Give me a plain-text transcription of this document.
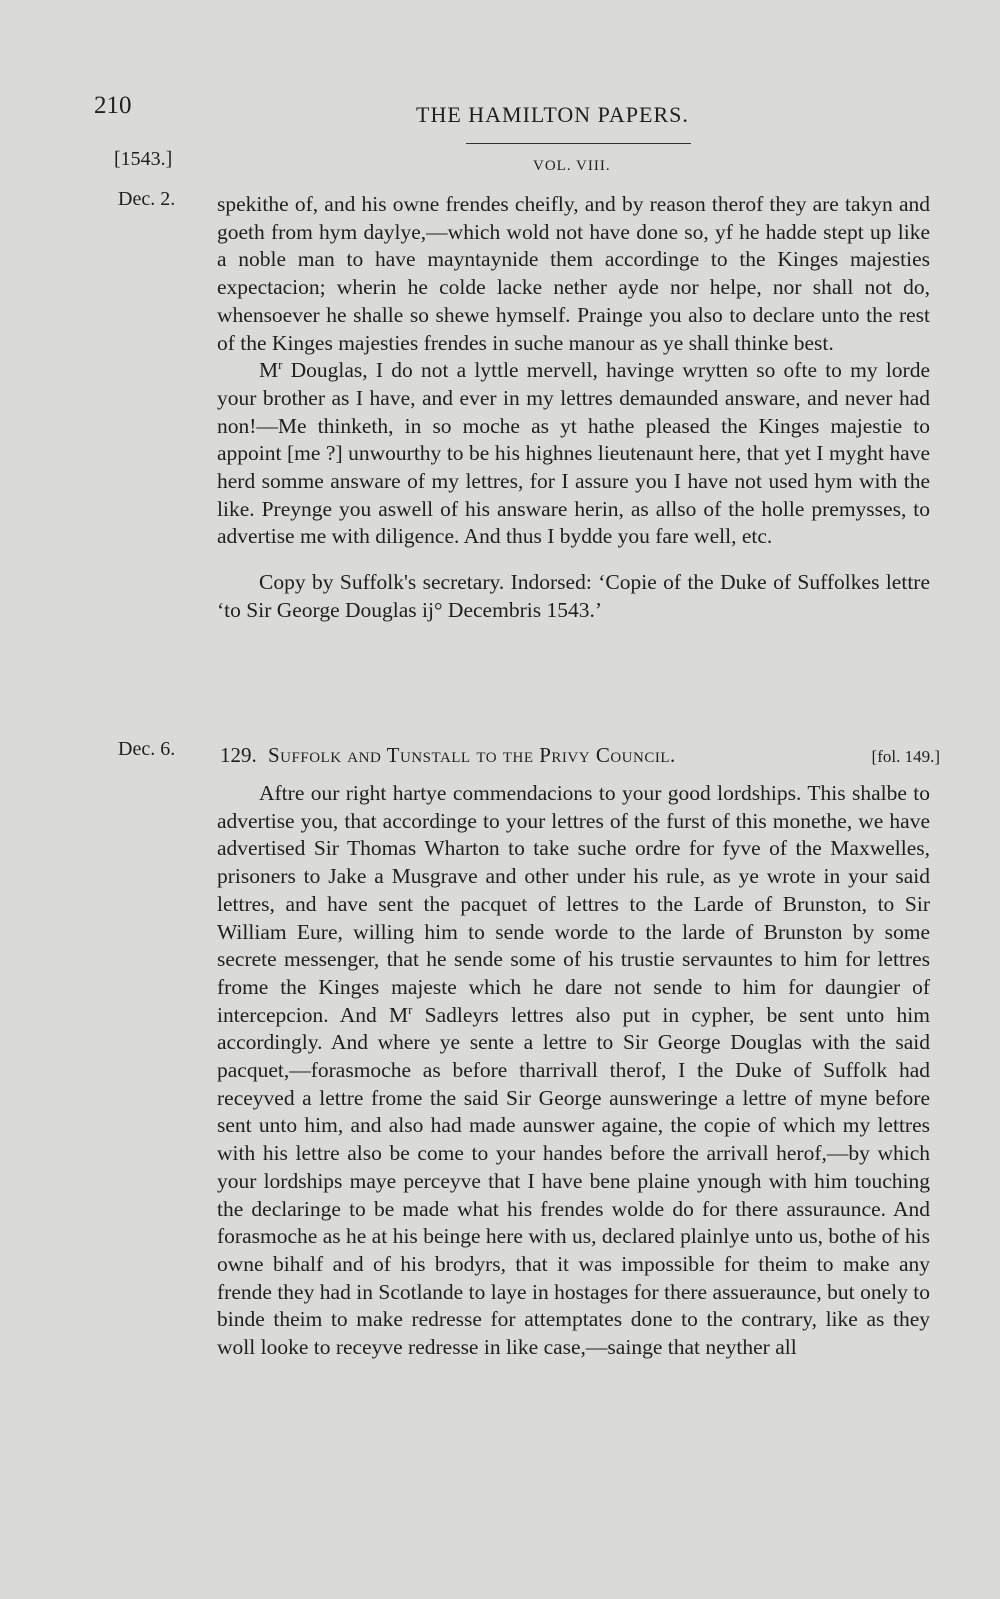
210	THE HAMILTON PAPERS.
[1543.]	VOL. VIII.
Dec. 2. spekithe of, and his owne frendes cheifly, and by reason therof they are takyn and goeth from hym daylye,—which wold not have done so, yf he hadde stept up like a noble man to have mayntaynide them accordinge to the Kinges majesties expectacion; wherin he colde lacke nether ayde nor helpe, nor shall not do, whensoever he shalle so shewe hymself. Prainge you also to declare unto the rest of the Kinges majesties frendes in suche manour as ye shall thinke best.

$M^r$ Douglas, I do not a lyttle mervell, havinge wrytten so ofte to my lorde your brother as I have, and ever in my lettres demaunded answare, and never had non!—Me thinketh, in so moche as yt hathe pleased the Kinges majestie to appoint [me ?] unwourthy to be his highnes lieutenaunt here, that yet I myght have herd somme answare of my lettres, for I assure you I have not used hym with the like. Preynge you aswell of his answare herin, as allso of the holle premysses, to advertise me with diligence. And thus I bydde you fare well, etc.

Copy by Suffolk's secretary. Indorsed: ‘Copie of the Duke of Suffolkes lettre ‘to Sir George Douglas ij° Decembris 1543.’

Dec. 6. 129. Suffolk and Tunstall to the Privy Council.	[fol. 149.]

Aftre our right hartye commendacions to your good lordships. This shalbe to advertise you, that accordinge to your lettres of the furst of this monethe, we have advertised Sir Thomas Wharton to take suche ordre for fyve of the Maxwelles, prisoners to Jake a Musgrave and other under his rule, as ye wrote in your said lettres, and have sent the pacquet of lettres to the Larde of Brunston, to Sir William Eure, willing him to sende worde to the larde of Brunston by some secrete messenger, that he sende some of his trustie servauntes to him for lettres frome the Kinges majeste which he dare not sende to him for daungier of intercepcion. And $M^r$ Sadleyrs lettres also put in cypher, be sent unto him accordingly. And where ye sente a lettre to Sir George Douglas with the said pacquet,—forasmoche as before tharrivall therof, I the Duke of Suffolk had receyved a lettre frome the said Sir George aunsweringe a lettre of myne before sent unto him, and also had made aunswer againe, the copie of which my lettres with his lettre also be come to your handes before the arrivall herof,—by which your lordships maye perceyve that I have bene plaine ynough with him touching the declaringe to be made what his frendes wolde do for there assuraunce. And forasmoche as he at his beinge here with us, declared plainlye unto us, bothe of his owne bihalf and of his brodyrs, that it was impossible for theim to make any frende they had in Scotlande to laye in hostages for there assueraunce, but onely to binde theim to make redresse for attemptates done to the contrary, like as they woll looke to receyve redresse in like case,—sainge that neyther all
